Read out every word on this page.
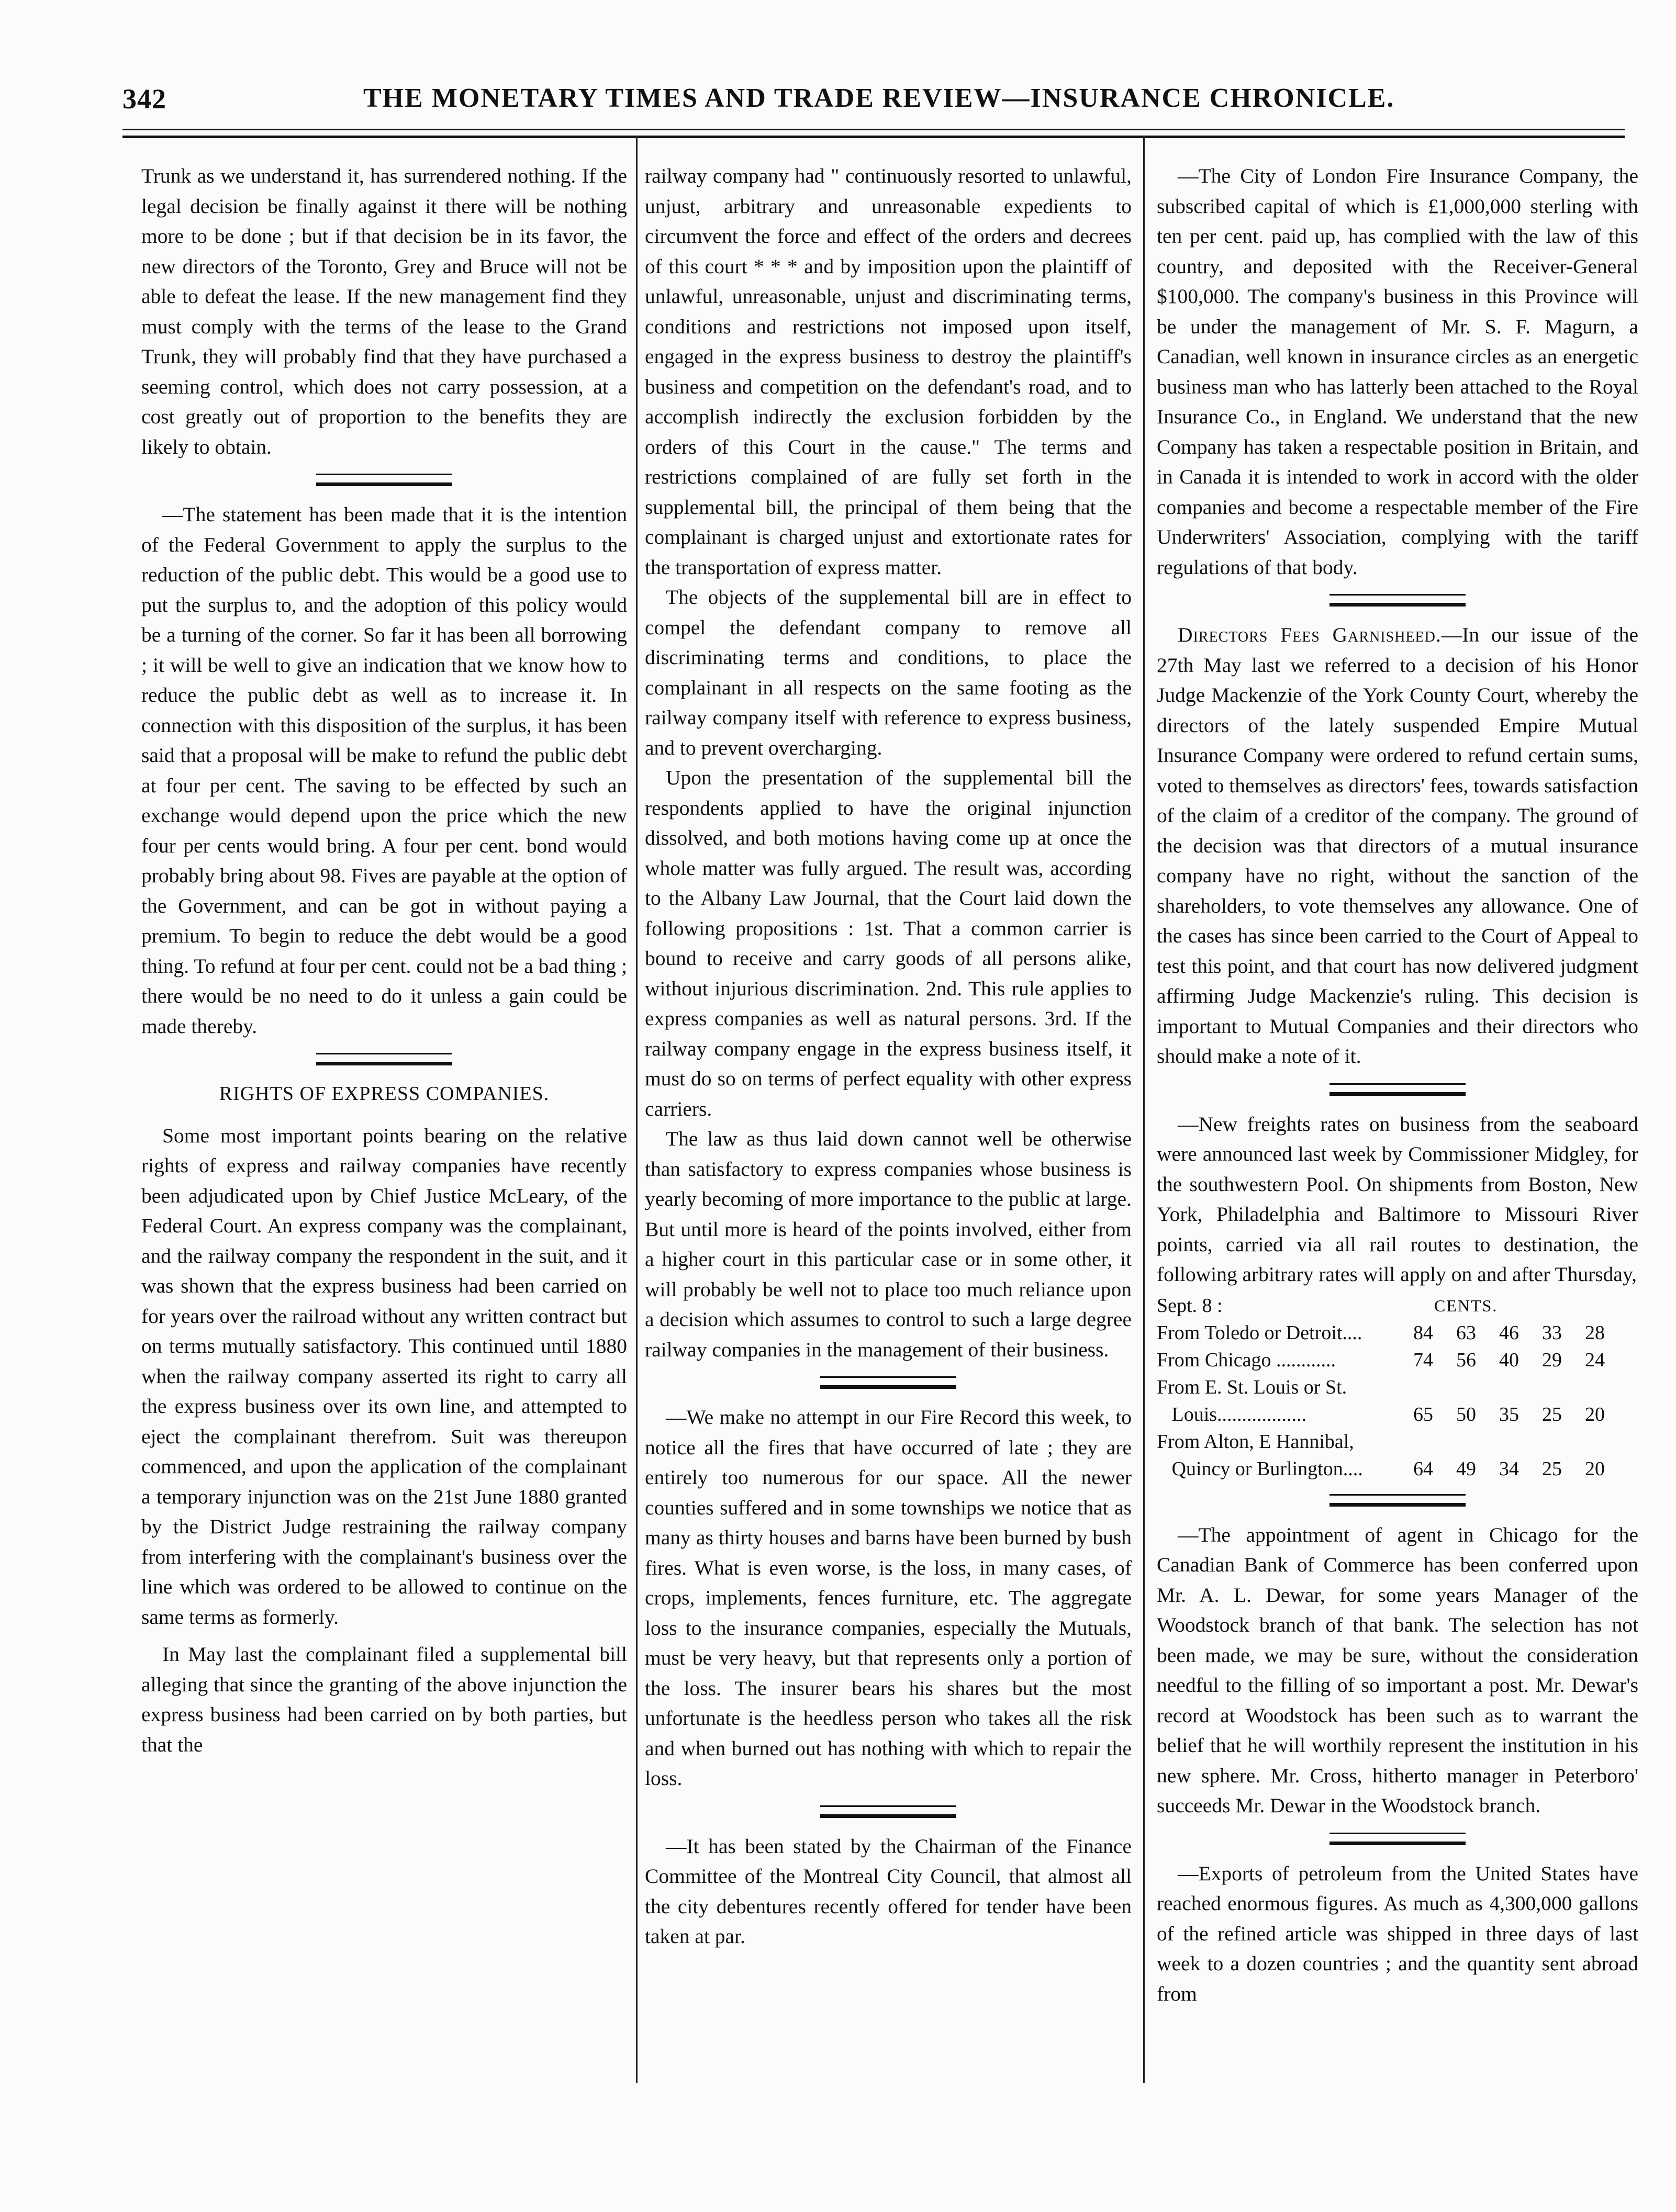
342	THE MONETARY TIMES AND TRADE REVIEW—INSURANCE CHRONICLE.

Trunk as we understand it, has surrendered nothing. If the legal decision be finally against it there will be nothing more to be done ; but if that decision be in its favor, the new directors of the Toronto, Grey and Bruce will not be able to defeat the lease. If the new management find they must comply with the terms of the lease to the Grand Trunk, they will probably find that they have purchased a seeming control, which does not carry possession, at a cost greatly out of proportion to the benefits they are likely to obtain.

—The statement has been made that it is the intention of the Federal Government to apply the surplus to the reduction of the public debt. This would be a good use to put the surplus to, and the adoption of this policy would be a turning of the corner. So far it has been all borrowing ; it will be well to give an indication that we know how to reduce the public debt as well as to increase it. In connection with this disposition of the surplus, it has been said that a proposal will be make to refund the public debt at four per cent. The saving to be effected by such an exchange would depend upon the price which the new four per cents would bring. A four per cent. bond would probably bring about 98. Fives are payable at the option of the Government, and can be got in without paying a premium. To begin to reduce the debt would be a good thing. To refund at four per cent. could not be a bad thing ; there would be no need to do it unless a gain could be made thereby.

RIGHTS OF EXPRESS COMPANIES.

Some most important points bearing on the relative rights of express and railway companies have recently been adjudicated upon by Chief Justice McLeary, of the Federal Court. An express company was the complainant, and the railway company the respondent in the suit, and it was shown that the express business had been carried on for years over the railroad without any written contract but on terms mutually satisfactory. This continued until 1880 when the railway company asserted its right to carry all the express business over its own line, and attempted to eject the complainant therefrom. Suit was thereupon commenced, and upon the application of the complainant a temporary injunction was on the 21st June 1880 granted by the District Judge restraining the railway company from interfering with the complainant's business over the line which was ordered to be allowed to continue on the same terms as formerly.

In May last the complainant filed a supplemental bill alleging that since the granting of the above injunction the express business had been carried on by both parties, but that the

railway company had " continuously resorted to unlawful, unjust, arbitrary and unreasonable expedients to circumvent the force and effect of the orders and decrees of this court * * * and by imposition upon the plaintiff of unlawful, unreasonable, unjust and discriminating terms, conditions and restrictions not imposed upon itself, engaged in the express business to destroy the plaintiff's business and competition on the defendant's road, and to accomplish indirectly the exclusion forbidden by the orders of this Court in the cause." The terms and restrictions complained of are fully set forth in the supplemental bill, the principal of them being that the complainant is charged unjust and extortionate rates for the transportation of express matter.

The objects of the supplemental bill are in effect to compel the defendant company to remove all discriminating terms and conditions, to place the complainant in all respects on the same footing as the railway company itself with reference to express business, and to prevent overcharging.

Upon the presentation of the supplemental bill the respondents applied to have the original injunction dissolved, and both motions having come up at once the whole matter was fully argued. The result was, according to the Albany Law Journal, that the Court laid down the following propositions : 1st. That a common carrier is bound to receive and carry goods of all persons alike, without injurious discrimination. 2nd. This rule applies to express companies as well as natural persons. 3rd. If the railway company engage in the express business itself, it must do so on terms of perfect equality with other express carriers.

The law as thus laid down cannot well be otherwise than satisfactory to express companies whose business is yearly becoming of more importance to the public at large. But until more is heard of the points involved, either from a higher court in this particular case or in some other, it will probably be well not to place too much reliance upon a decision which assumes to control to such a large degree railway companies in the management of their business.

—We make no attempt in our Fire Record this week, to notice all the fires that have occurred of late ; they are entirely too numerous for our space. All the newer counties suffered and in some townships we notice that as many as thirty houses and barns have been burned by bush fires. What is even worse, is the loss, in many cases, of crops, implements, fences furniture, etc. The aggregate loss to the insurance companies, especially the Mutuals, must be very heavy, but that represents only a portion of the loss. The insurer bears his shares but the most unfortunate is the heedless person who takes all the risk and when burned out has nothing with which to repair the loss.

—It has been stated by the Chairman of the Finance Committee of the Montreal City Council, that almost all the city debentures recently offered for tender have been taken at par.

—The City of London Fire Insurance Company, the subscribed capital of which is £1,000,000 sterling with ten per cent. paid up, has complied with the law of this country, and deposited with the Receiver-General $100,000. The company's business in this Province will be under the management of Mr. S. F. Magurn, a Canadian, well known in insurance circles as an energetic business man who has latterly been attached to the Royal Insurance Co., in England. We understand that the new Company has taken a respectable position in Britain, and in Canada it is intended to work in accord with the older companies and become a respectable member of the Fire Underwriters' Association, complying with the tariff regulations of that body.

Directors Fees Garnisheed.—In our issue of the 27th May last we referred to a decision of his Honor Judge Mackenzie of the York County Court, whereby the directors of the lately suspended Empire Mutual Insurance Company were ordered to refund certain sums, voted to themselves as directors' fees, towards satisfaction of the claim of a creditor of the company. The ground of the decision was that directors of a mutual insurance company have no right, without the sanction of the shareholders, to vote themselves any allowance. One of the cases has since been carried to the Court of Appeal to test this point, and that court has now delivered judgment affirming Judge Mackenzie's ruling. This decision is important to Mutual Companies and their directors who should make a note of it.

—New freights rates on business from the seaboard were announced last week by Commissioner Midgley, for the southwestern Pool. On shipments from Boston, New York, Philadelphia and Baltimore to Missouri River points, carried via all rail routes to destination, the following arbitrary rates will apply on and after Thursday,

Sept. 8 :	CENTS.
From Toledo or Detroit....	84	63	46	33	28
From Chicago ............	74	56	40	29	24
From E. St. Louis or St.
Louis..................	65	50	35	25	20
From Alton, E Hannibal,
Quincy or Burlington....	64	49	34	25	20

—The appointment of agent in Chicago for the Canadian Bank of Commerce has been conferred upon Mr. A. L. Dewar, for some years Manager of the Woodstock branch of that bank. The selection has not been made, we may be sure, without the consideration needful to the filling of so important a post. Mr. Dewar's record at Woodstock has been such as to warrant the belief that he will worthily represent the institution in his new sphere. Mr. Cross, hitherto manager in Peterboro' succeeds Mr. Dewar in the Woodstock branch.

—Exports of petroleum from the United States have reached enormous figures. As much as 4,300,000 gallons of the refined article was shipped in three days of last week to a dozen countries ; and the quantity sent abroad from
